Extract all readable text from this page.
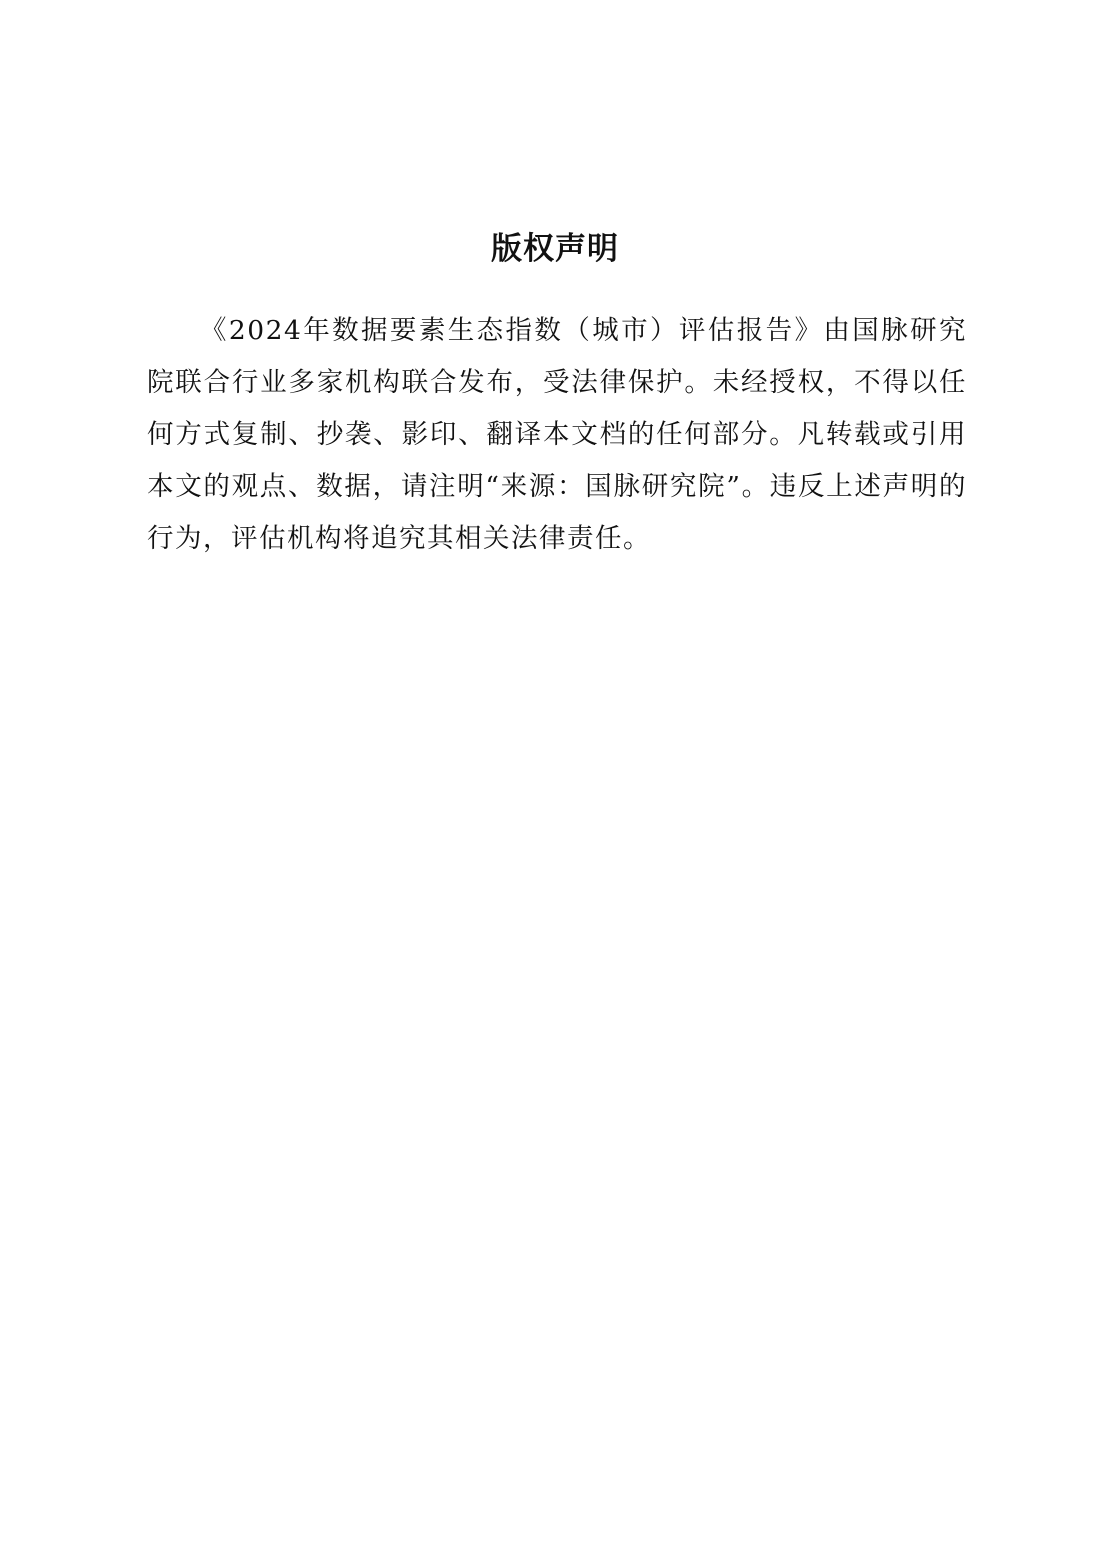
版权声明

《2024年数据要素生态指数（城市）评估报告》由国脉研究院联合行业多家机构联合发布，受法律保护。未经授权，不得以任何方式复制、抄袭、影印、翻译本文档的任何部分。凡转载或引用本文的观点、数据，请注明“来源：国脉研究院”。违反上述声明的行为，评估机构将追究其相关法律责任。
